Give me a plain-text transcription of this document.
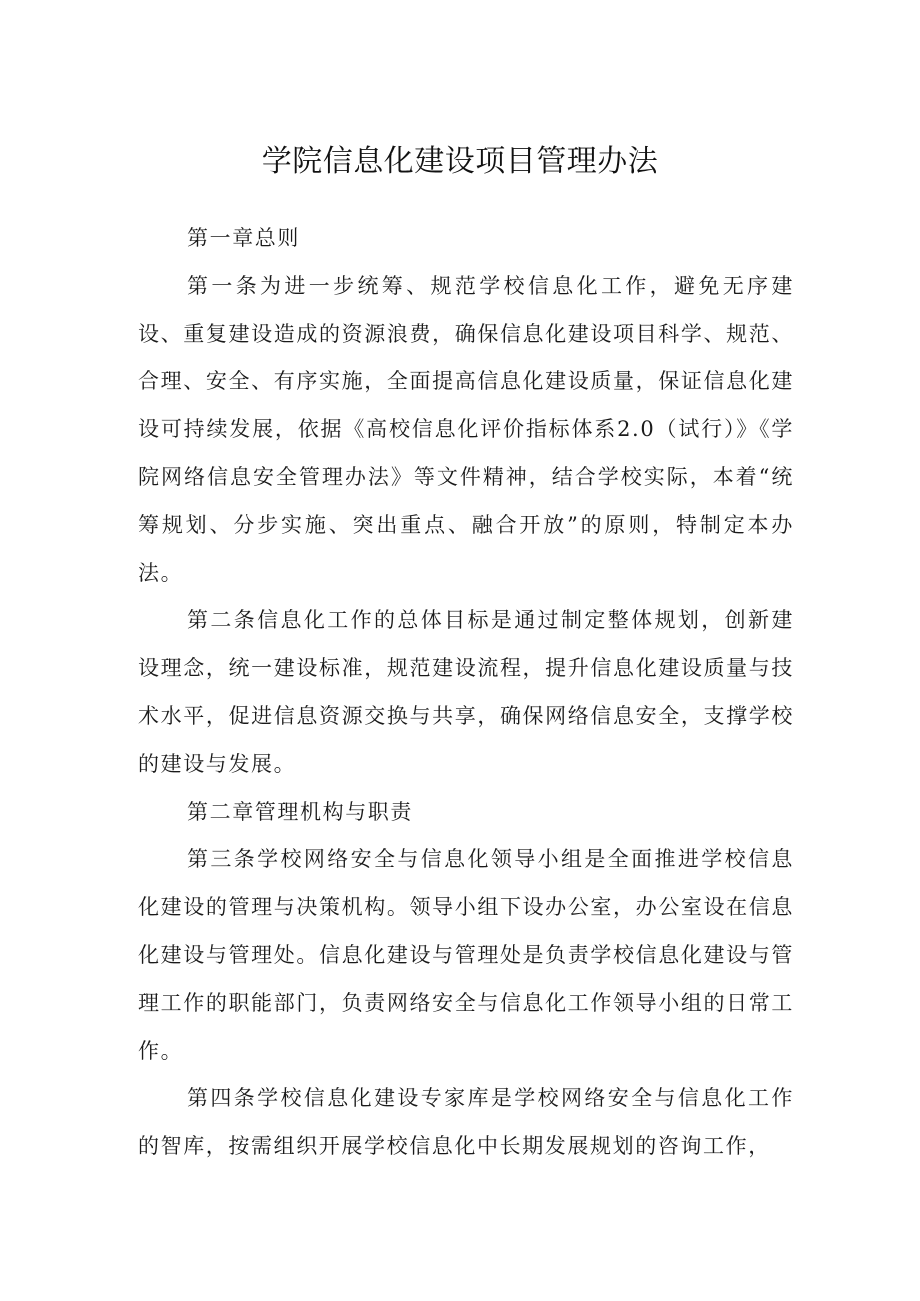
学院信息化建设项目管理办法

第一章总则

第一条为进一步统筹、规范学校信息化工作，避免无序建设、重复建设造成的资源浪费，确保信息化建设项目科学、规范、合理、安全、有序实施，全面提高信息化建设质量，保证信息化建设可持续发展，依据《高校信息化评价指标体系2.0（试行）》《学院网络信息安全管理办法》等文件精神，结合学校实际，本着“统筹规划、分步实施、突出重点、融合开放”的原则，特制定本办法。

第二条信息化工作的总体目标是通过制定整体规划，创新建设理念，统一建设标准，规范建设流程，提升信息化建设质量与技术水平，促进信息资源交换与共享，确保网络信息安全，支撑学校的建设与发展。

第二章管理机构与职责

第三条学校网络安全与信息化领导小组是全面推进学校信息化建设的管理与决策机构。领导小组下设办公室，办公室设在信息化建设与管理处。信息化建设与管理处是负责学校信息化建设与管理工作的职能部门，负责网络安全与信息化工作领导小组的日常工作。

第四条学校信息化建设专家库是学校网络安全与信息化工作的智库，按需组织开展学校信息化中长期发展规划的咨询工作，
